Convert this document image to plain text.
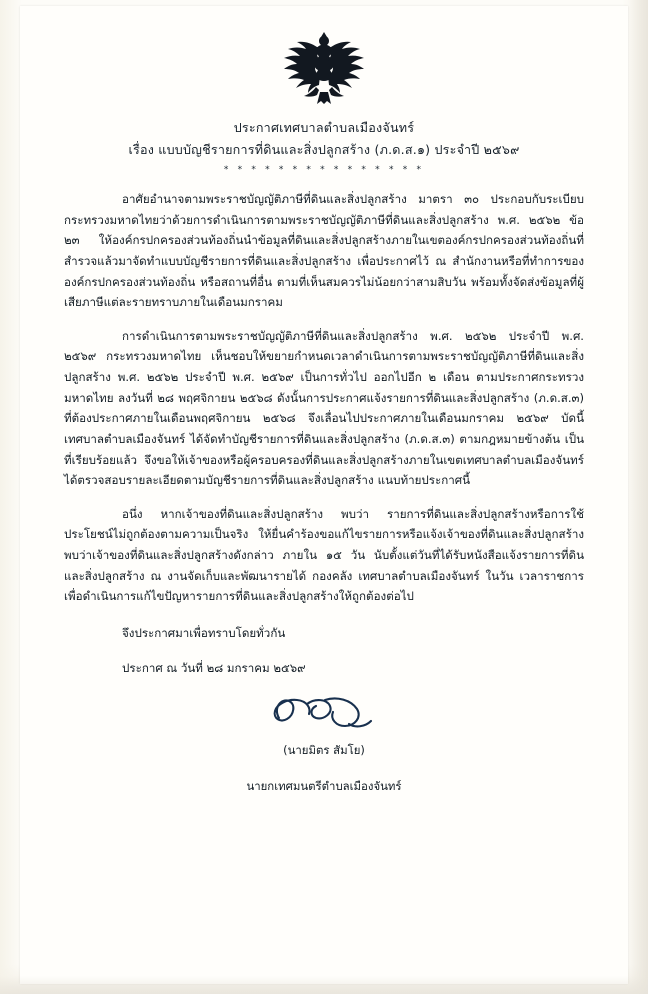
ประกาศเทศบาลตำบลเมืองจันทร์
เรื่อง แบบบัญชีรายการที่ดินและสิ่งปลูกสร้าง (ภ.ด.ส.๑) ประจำปี ๒๕๖๙
* * * * * * * * * * * * * * *

อาศัยอำนาจตามพระราชบัญญัติภาษีที่ดินและสิ่งปลูกสร้าง มาตรา ๓๐ ประกอบกับระเบียบกระทรวงมหาดไทยว่าด้วยการดำเนินการตามพระราชบัญญัติภาษีที่ดินและสิ่งปลูกสร้าง พ.ศ. ๒๕๖๒ ข้อ ๒๓ ให้องค์กรปกครองส่วนท้องถิ่นนำข้อมูลที่ดินและสิ่งปลูกสร้างภายในเขตองค์กรปกครองส่วนท้องถิ่นที่สำรวจแล้วมาจัดทำแบบบัญชีรายการที่ดินและสิ่งปลูกสร้าง เพื่อประกาศไว้ ณ สำนักงานหรือที่ทำการขององค์กรปกครองส่วนท้องถิ่น หรือสถานที่อื่น ตามที่เห็นสมควรไม่น้อยกว่าสามสิบวัน พร้อมทั้งจัดส่งข้อมูลที่ผู้เสียภาษีแต่ละรายทราบภายในเดือนมกราคม

การดำเนินการตามพระราชบัญญัติภาษีที่ดินและสิ่งปลูกสร้าง พ.ศ. ๒๕๖๒ ประจำปี พ.ศ. ๒๕๖๙ กระทรวงมหาดไทย เห็นชอบให้ขยายกำหนดเวลาดำเนินการตามพระราชบัญญัติภาษีที่ดินและสิ่งปลูกสร้าง พ.ศ. ๒๕๖๒ ประจำปี พ.ศ. ๒๕๖๙ เป็นการทั่วไป ออกไปอีก ๒ เดือน ตามประกาศกระทรวงมหาดไทย ลงวันที่ ๒๘ พฤศจิกายน ๒๕๖๘ ดังนั้นการประกาศแจ้งรายการที่ดินและสิ่งปลูกสร้าง (ภ.ด.ส.๓) ที่ต้องประกาศภายในเดือนพฤศจิกายน ๒๕๖๘ จึงเลื่อนไปประกาศภายในเดือนมกราคม ๒๕๖๙ บัดนี้ เทศบาลตำบลเมืองจันทร์ ได้จัดทำบัญชีรายการที่ดินและสิ่งปลูกสร้าง (ภ.ด.ส.๓) ตามกฎหมายข้างต้น เป็นที่เรียบร้อยแล้ว จึงขอให้เจ้าของหรือผู้ครอบครองที่ดินและสิ่งปลูกสร้างภายในเขตเทศบาลตำบลเมืองจันทร์ ได้ตรวจสอบรายละเอียดตามบัญชีรายการที่ดินและสิ่งปลูกสร้าง แนบท้ายประกาศนี้

อนึ่ง หากเจ้าของที่ดินและสิ่งปลูกสร้าง พบว่า รายการที่ดินและสิ่งปลูกสร้างหรือการใช้ประโยชน์ไม่ถูกต้องตามความเป็นจริง ให้ยื่นคำร้องขอแก้ไขรายการหรือแจ้งเจ้าของที่ดินและสิ่งปลูกสร้างพบว่าเจ้าของที่ดินและสิ่งปลูกสร้างดังกล่าว ภายใน ๑๕ วัน นับตั้งแต่วันที่ได้รับหนังสือแจ้งรายการที่ดินและสิ่งปลูกสร้าง ณ งานจัดเก็บและพัฒนารายได้ กองคลัง เทศบาลตำบลเมืองจันทร์ ในวัน เวลาราชการ เพื่อดำเนินการแก้ไขปัญหารายการที่ดินและสิ่งปลูกสร้างให้ถูกต้องต่อไป

จึงประกาศมาเพื่อทราบโดยทั่วกัน
ประกาศ ณ วันที่ ๒๘ มกราคม ๒๕๖๙
(นายมิตร สัมโย)
นายกเทศมนตรีตำบลเมืองจันทร์
